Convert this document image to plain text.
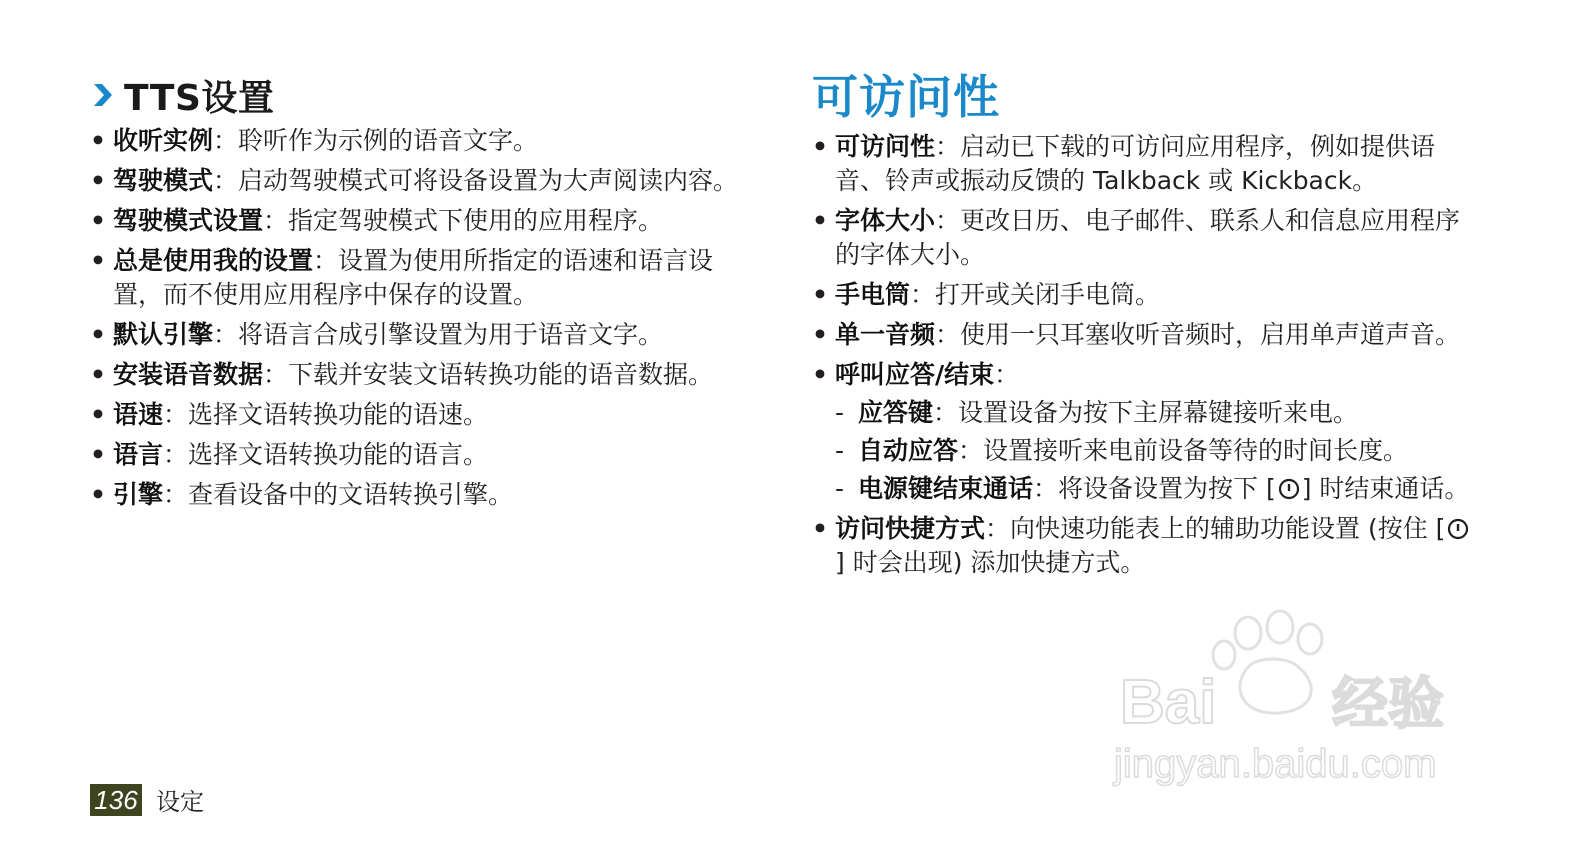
TTS设置
• 收听实例：聆听作为示例的语音文字。
• 驾驶模式：启动驾驶模式可将设备设置为大声阅读内容。
• 驾驶模式设置：指定驾驶模式下使用的应用程序。
• 总是使用我的设置：设置为使用所指定的语速和语言设置，而不使用应用程序中保存的设置。
• 默认引擎：将语言合成引擎设置为用于语音文字。
• 安装语音数据：下载并安装文语转换功能的语音数据。
• 语速：选择文语转换功能的语速。
• 语言：选择文语转换功能的语言。
• 引擎：查看设备中的文语转换引擎。
可访问性
• 可访问性：启动已下载的可访问应用程序，例如提供语音、铃声或振动反馈的 Talkback 或 Kickback。
• 字体大小：更改日历、电子邮件、联系人和信息应用程序的字体大小。
• 手电筒：打开或关闭手电筒。
• 单一音频：使用一只耳塞收听音频时，启用单声道声音。
• 呼叫应答/结束：
- 应答键：设置设备为按下主屏幕键接听来电。
- 自动应答：设置接听来电前设备等待的时间长度。
- 电源键结束通话：将设备设置为按下 [ ] 时结束通话。
• 访问快捷方式：向快速功能表上的辅助功能设置 (按住 [] 时会出现) 添加快捷方式。
136 设定
Bai 经验
jingyan.baidu.com
